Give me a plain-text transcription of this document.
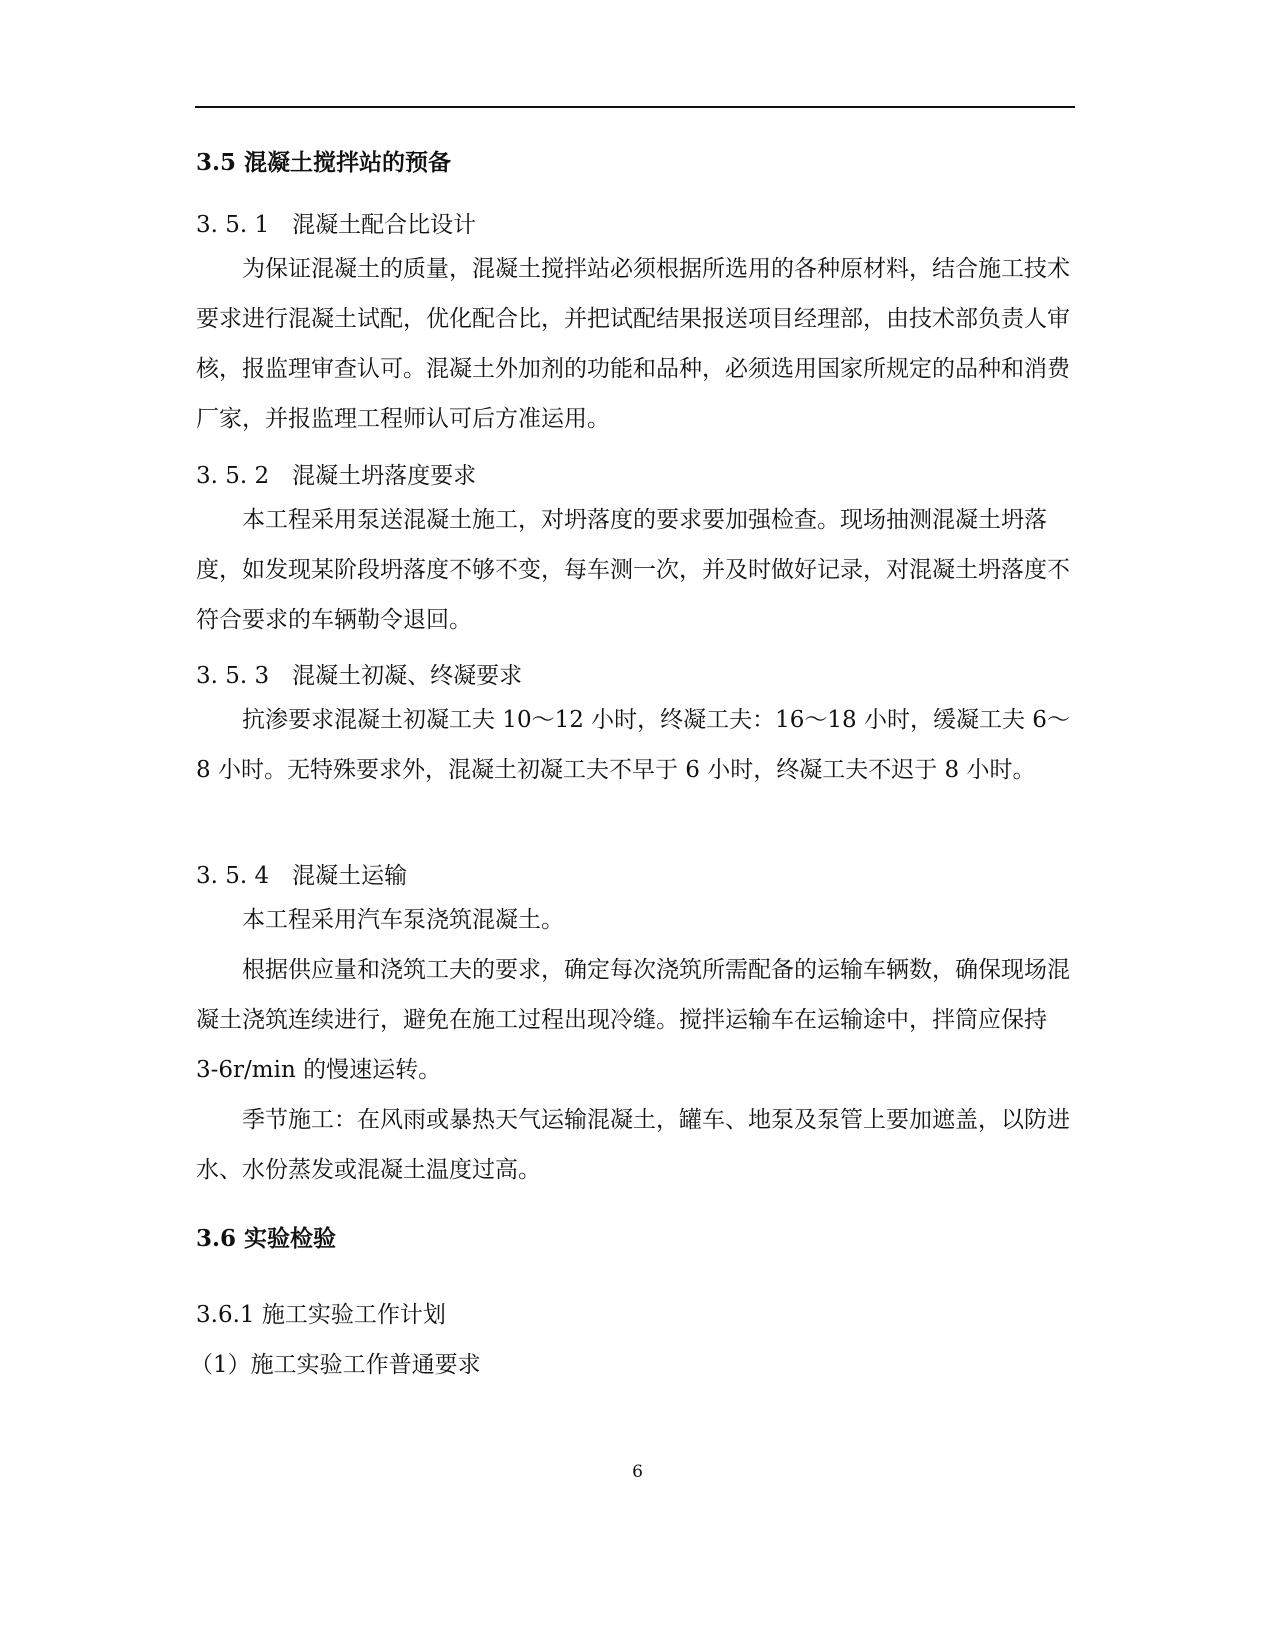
3.5 混凝土搅拌站的预备
3. 5. 1　混凝土配合比设计

为保证混凝土的质量，混凝土搅拌站必须根据所选用的各种原材料，结合施工技术要求进行混凝土试配，优化配合比，并把试配结果报送项目经理部，由技术部负责人审核，报监理审查认可。混凝土外加剂的功能和品种，必须选用国家所规定的品种和消费厂家，并报监理工程师认可后方准运用。

3. 5. 2　混凝土坍落度要求

本工程采用泵送混凝土施工，对坍落度的要求要加强检查。现场抽测混凝土坍落度，如发现某阶段坍落度不够不变，每车测一次，并及时做好记录，对混凝土坍落度不符合要求的车辆勒令退回。

3. 5. 3　混凝土初凝、终凝要求

抗渗要求混凝土初凝工夫 10～12 小时，终凝工夫：16～18 小时，缓凝工夫 6～8 小时。无特殊要求外，混凝土初凝工夫不早于 6 小时，终凝工夫不迟于 8 小时。

3. 5. 4　混凝土运输

本工程采用汽车泵浇筑混凝土。

根据供应量和浇筑工夫的要求，确定每次浇筑所需配备的运输车辆数，确保现场混凝土浇筑连续进行，避免在施工过程出现冷缝。搅拌运输车在运输途中，拌筒应保持 3-6r/min 的慢速运转。

季节施工：在风雨或暴热天气运输混凝土，罐车、地泵及泵管上要加遮盖，以防进水、水份蒸发或混凝土温度过高。

3.6 实验检验
3.6.1 施工实验工作计划
（1）施工实验工作普通要求
6
